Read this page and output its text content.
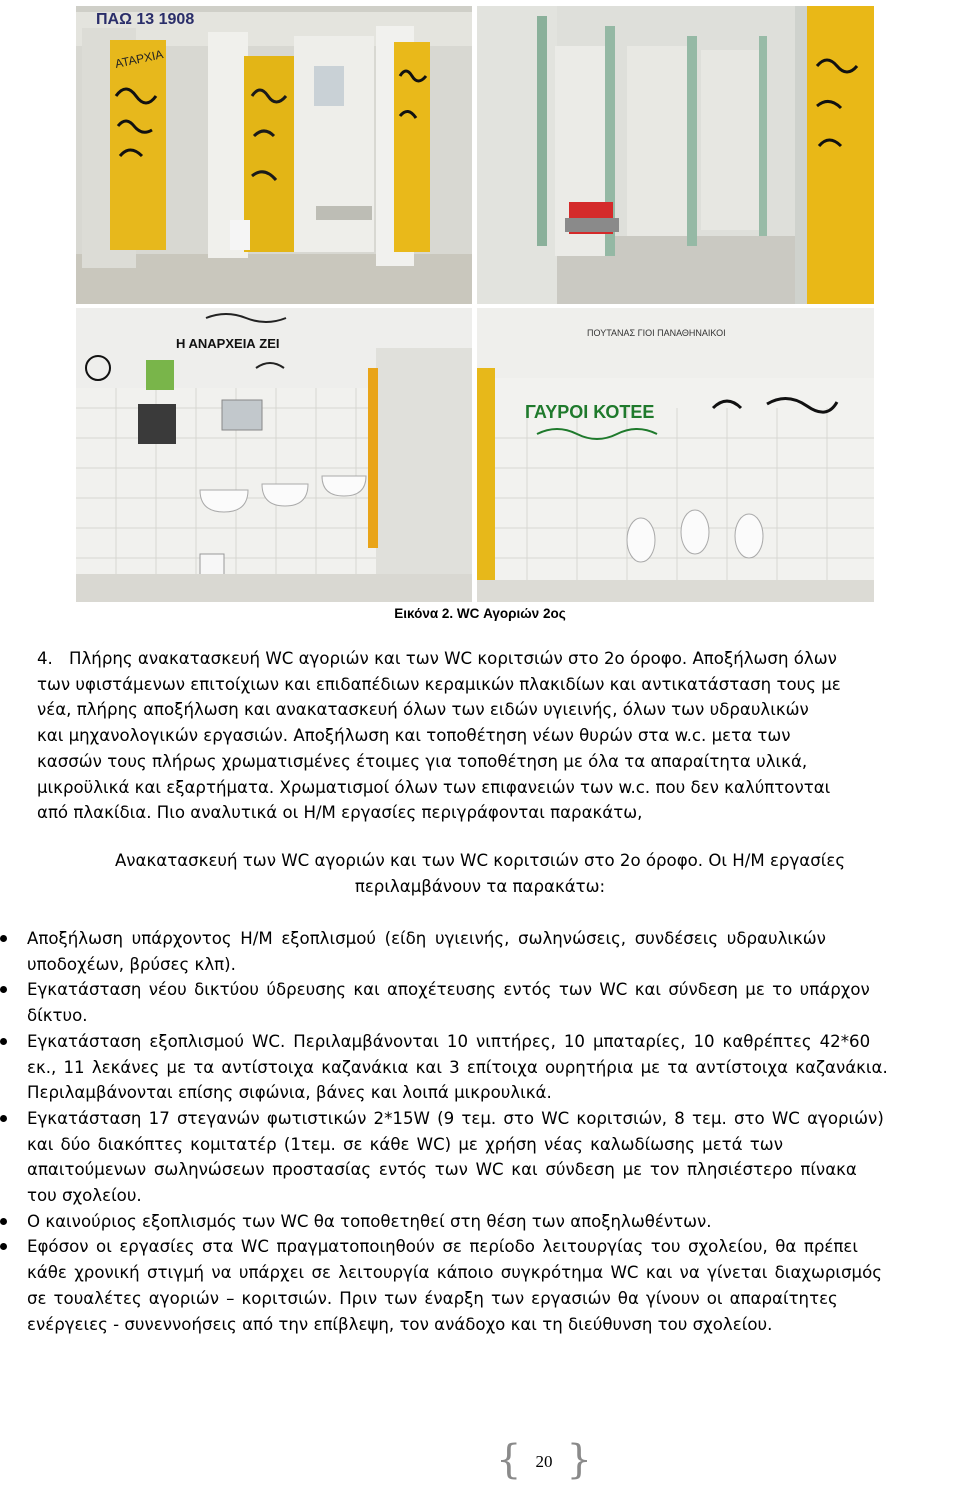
ΑΤΑΡΧΙΑ
ΠΑΩ 13 1908
Η ΑΝΑΡΧΕΙΑ ΖΕΙ
ΠΟΥΤΑΝΑΣ ΓΙΟΙ ΠΑΝΑΘΗΝΑΙΚΟΙ
ΓΑΥΡΟΙ ΚΟΤΕΕ
Εικόνα 2. WC Αγοριών 2ος
4. Πλήρης ανακατασκευή WC αγοριών και των WC κοριτσιών στο 2ο όροφο. Αποξήλωση όλων
των υφιστάμενων επιτοίχιων και επιδαπέδιων κεραμικών πλακιδίων και αντικατάσταση τους με
νέα, πλήρης αποξήλωση και ανακατασκευή όλων των ειδών υγιεινής, όλων των υδραυλικών
και μηχανολογικών εργασιών. Αποξήλωση και τοποθέτηση νέων θυρών στα w.c. μετα των
κασσών τους πλήρως χρωματισμένες έτοιμες για τοποθέτηση με όλα τα απαραίτητα υλικά,
μικροϋλικά και εξαρτήματα. Χρωματισμοί όλων των επιφανειών των w.c. που δεν καλύπτονται
από πλακίδια. Πιο αναλυτικά οι Η/Μ εργασίες περιγράφονται παρακάτω,
Ανακατασκευή των WC αγοριών και των WC κοριτσιών στο 2ο όροφο. Οι Η/Μ εργασίες
περιλαμβάνουν τα παρακάτω:
Αποξήλωση υπάρχοντος Η/Μ εξοπλισμού (είδη υγιεινής, σωληνώσεις, συνδέσεις υδραυλικών
υποδοχέων, βρύσες κλπ).
Εγκατάσταση νέου δικτύου ύδρευσης και αποχέτευσης εντός των WC και σύνδεση με το υπάρχον
δίκτυο.
Εγκατάσταση εξοπλισμού WC. Περιλαμβάνονται 10 νιπτήρες, 10 μπαταρίες, 10 καθρέπτες 42*60
εκ., 11 λεκάνες με τα αντίστοιχα καζανάκια και 3 επίτοιχα ουρητήρια με τα αντίστοιχα καζανάκια.
Περιλαμβάνονται επίσης σιφώνια, βάνες και λοιπά μικρουλικά.
Εγκατάσταση 17 στεγανών φωτιστικών 2*15W (9 τεμ. στο WC κοριτσιών, 8 τεμ. στο WC αγοριών)
και δύο διακόπτες κομιτατέρ (1τεμ. σε κάθε WC) με χρήση νέας καλωδίωσης μετά των
απαιτούμενων σωληνώσεων προστασίας εντός των WC και σύνδεση με τον πλησιέστερο πίνακα
του σχολείου.
Ο καινούριος εξοπλισμός των WC θα τοποθετηθεί στη θέση των αποξηλωθέντων.
Εφόσον οι εργασίες στα WC πραγματοποιηθούν σε περίοδο λειτουργίας του σχολείου, θα πρέπει
κάθε χρονική στιγμή να υπάρχει σε λειτουργία κάποιο συγκρότημα WC και να γίνεται διαχωρισμός
σε τουαλέτες αγοριών – κοριτσιών. Πριν των έναρξη των εργασιών θα γίνουν οι απαραίτητες
ενέργειες - συνεννοήσεις από την επίβλεψη, τον ανάδοχο και τη διεύθυνση του σχολείου.
{ 20 }
